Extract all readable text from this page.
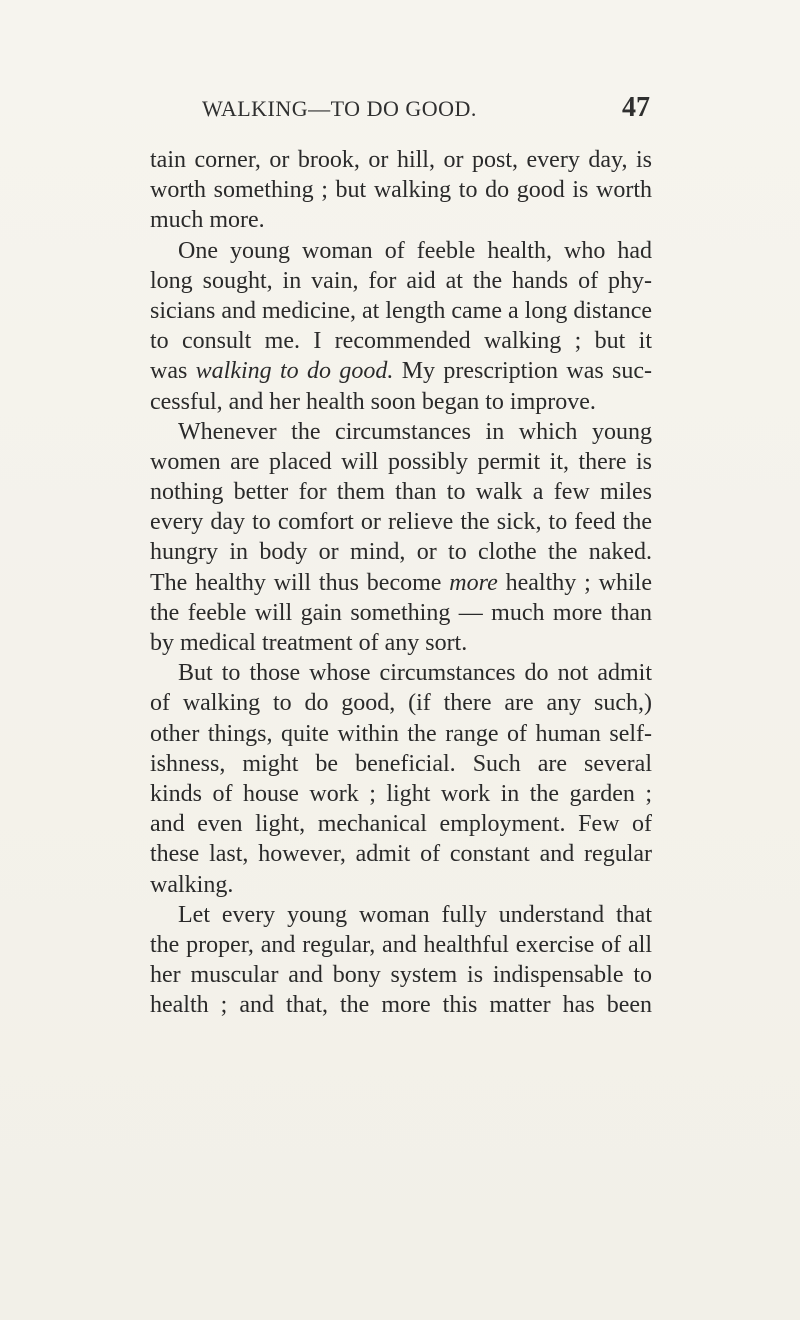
WALKING—TO DO GOOD.	47
tain corner, or brook, or hill, or post, every day, is
worth something ; but walking to do good is worth
much more.
One young woman of feeble health, who had
long sought, in vain, for aid at the hands of phy-
sicians and medicine, at length came a long distance
to consult me. I recommended walking ; but it
was walking to do good. My prescription was suc-
cessful, and her health soon began to improve.
Whenever the circumstances in which young
women are placed will possibly permit it, there is
nothing better for them than to walk a few miles
every day to comfort or relieve the sick, to feed the
hungry in body or mind, or to clothe the naked.
The healthy will thus become more healthy ; while
the feeble will gain something — much more than
by medical treatment of any sort.
But to those whose circumstances do not admit
of walking to do good, (if there are any such,)
other things, quite within the range of human self-
ishness, might be beneficial. Such are several
kinds of house work ; light work in the garden ;
and even light, mechanical employment. Few of
these last, however, admit of constant and regular
walking.
Let every young woman fully understand that
the proper, and regular, and healthful exercise of all
her muscular and bony system is indispensable to
health ; and that, the more this matter has been
